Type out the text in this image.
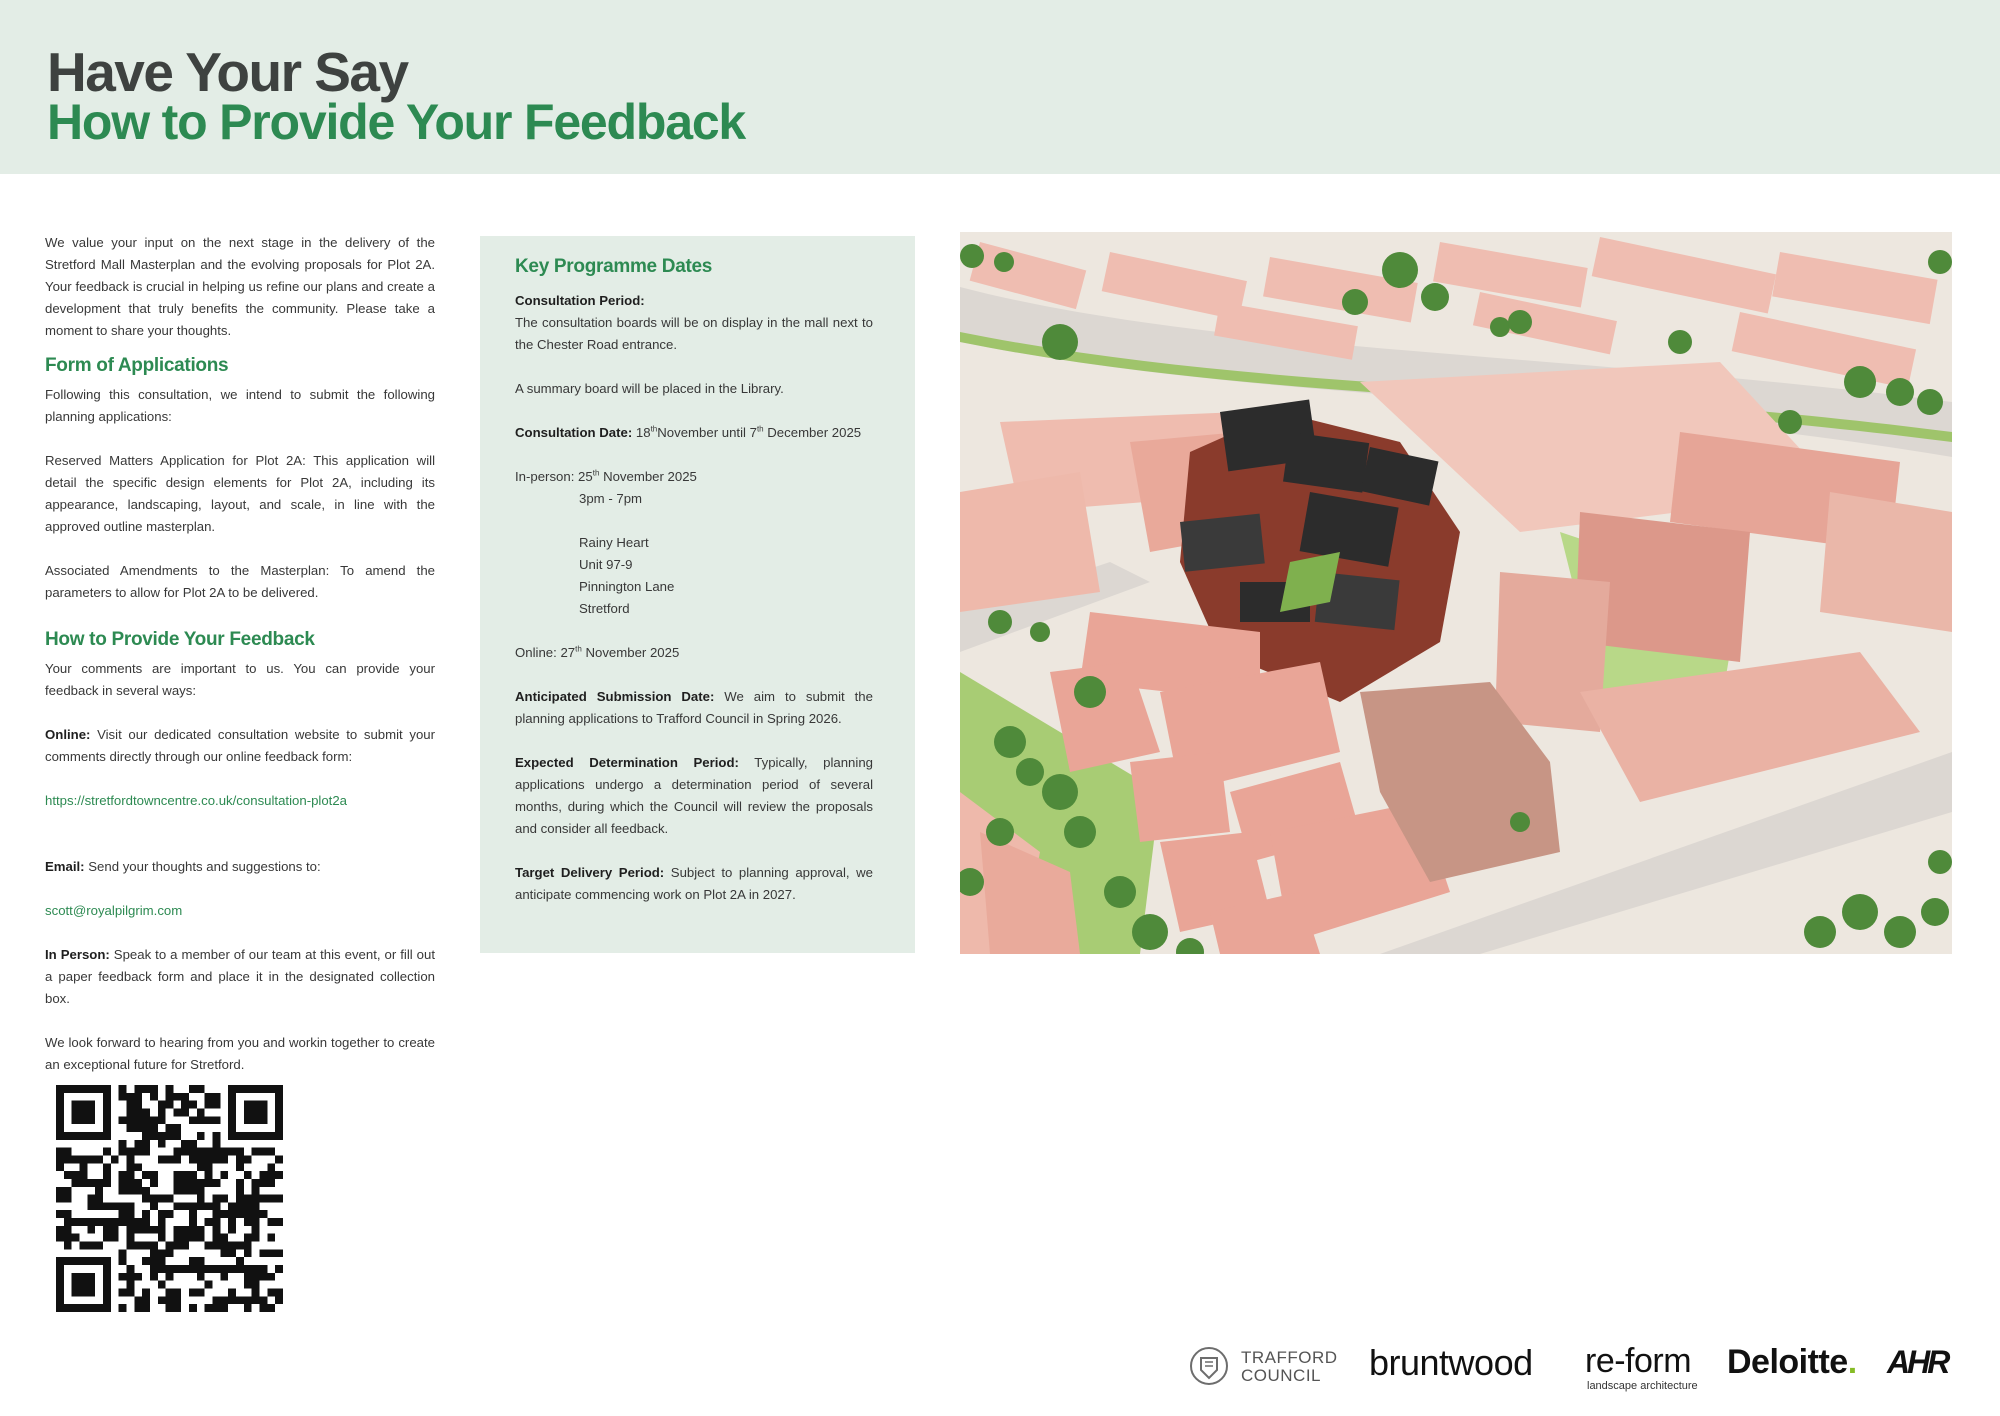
Have Your Say
How to Provide Your Feedback

We value your input on the next stage in the delivery of the Stretford Mall Masterplan and the evolving proposals for Plot 2A. Your feedback is crucial in helping us refine our plans and create a development that truly benefits the community. Please take a moment to share your thoughts.

Form of Applications

Following this consultation, we intend to submit the following planning applications:

Reserved Matters Application for Plot 2A: This application will detail the specific design elements for Plot 2A, including its appearance, landscaping, layout, and scale, in line with the approved outline masterplan.

Associated Amendments to the Masterplan: To amend the parameters to allow for Plot 2A to be delivered.

How to Provide Your Feedback

Your comments are important to us. You can provide your feedback in several ways:

Online: Visit our dedicated consultation website to submit your comments directly through our online feedback form:

https://stretfordtowncentre.co.uk/consultation-plot2a

Email: Send your thoughts and suggestions to:

scott@royalpilgrim.com

In Person: Speak to a member of our team at this event, or fill out a paper feedback form and place it in the designated collection box.

We look forward to hearing from you and workin together to create an exceptional future for Stretford.

Key Programme Dates

Consultation Period:

The consultation boards will be on display in the mall next to the Chester Road entrance.

A summary board will be placed in the Library.

Consultation Date: 18thNovember until 7th December 2025

In-person: 25th November 2025

3pm - 7pm

Rainy Heart

Unit 97-9

Pinnington Lane

Stretford

Online: 27th November 2025

Anticipated Submission Date: We aim to submit the planning applications to Trafford Council in Spring 2026.

Expected Determination Period: Typically, planning applications undergo a determination period of several months, during which the Council will review the proposals and consider all feedback.

Target Delivery Period: Subject to planning approval, we anticipate commencing work on Plot 2A in 2027.

TRAFFORD
COUNCIL bruntwood re-form
landscape architecture
Deloitte. AHR
